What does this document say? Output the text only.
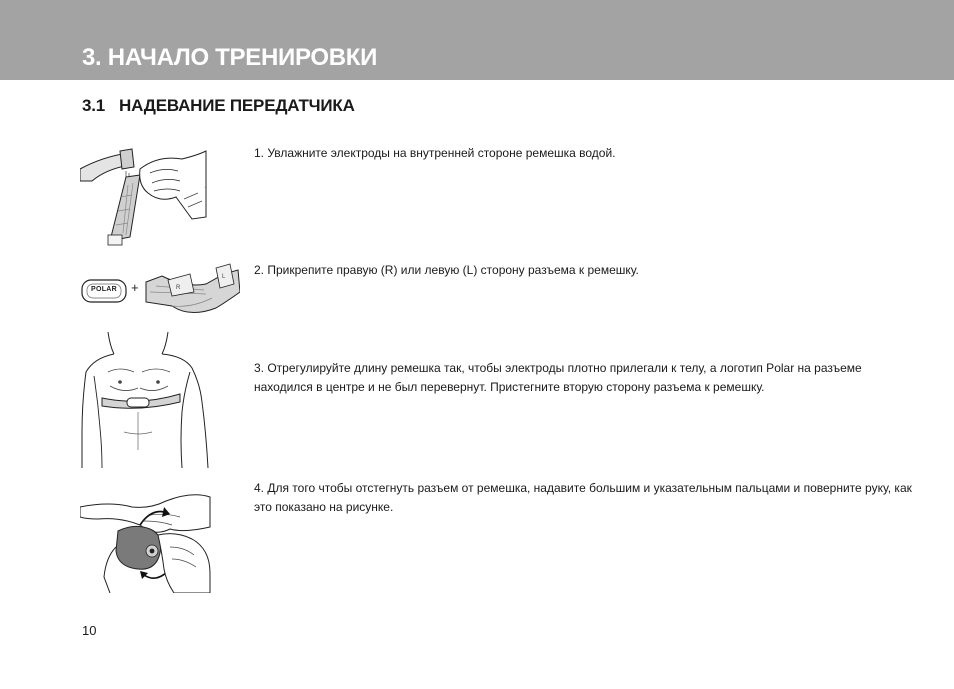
3. НАЧАЛО ТРЕНИРОВКИ
3.1 НАДЕВАНИЕ ПЕРЕДАТЧИКА
R
L
POLAR +

1. Увлажните электроды на внутренней стороне ремешка водой.

2. Прикрепите правую (R) или левую (L) сторону разъема к ремешку.

3. Отрегулируйте длину ремешка так, чтобы электроды плотно прилегали к телу, а логотип Polar на разъеме находился в центре и не был перевернут. Пристегните вторую сторону разъема к ремешку.

4. Для того чтобы отстегнуть разъем от ремешка, надавите большим и указательным пальцами и поверните руку, как это показано на рисунке.

10
